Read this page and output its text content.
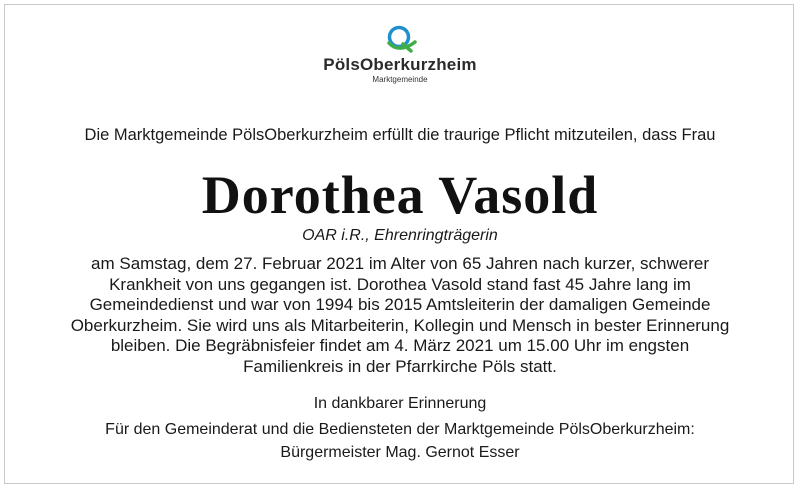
PölsOberkurzheim
Marktgemeinde
Die Marktgemeinde PölsOberkurzheim erfüllt die traurige Pflicht mitzuteilen, dass Frau
Dorothea Vasold
OAR i.R., Ehrenringträgerin
am Samstag, dem 27. Februar 2021 im Alter von 65 Jahren nach kurzer, schwerer
Krankheit von uns gegangen ist. Dorothea Vasold stand fast 45 Jahre lang im
Gemeindedienst und war von 1994 bis 2015 Amtsleiterin der damaligen Gemeinde
Oberkurzheim. Sie wird uns als Mitarbeiterin, Kollegin und Mensch in bester Erinnerung
bleiben. Die Begräbnisfeier findet am 4. März 2021 um 15.00 Uhr im engsten
Familienkreis in der Pfarrkirche Pöls statt.
In dankbarer Erinnerung
Für den Gemeinderat und die Bediensteten der Marktgemeinde PölsOberkurzheim:
Bürgermeister Mag. Gernot Esser
